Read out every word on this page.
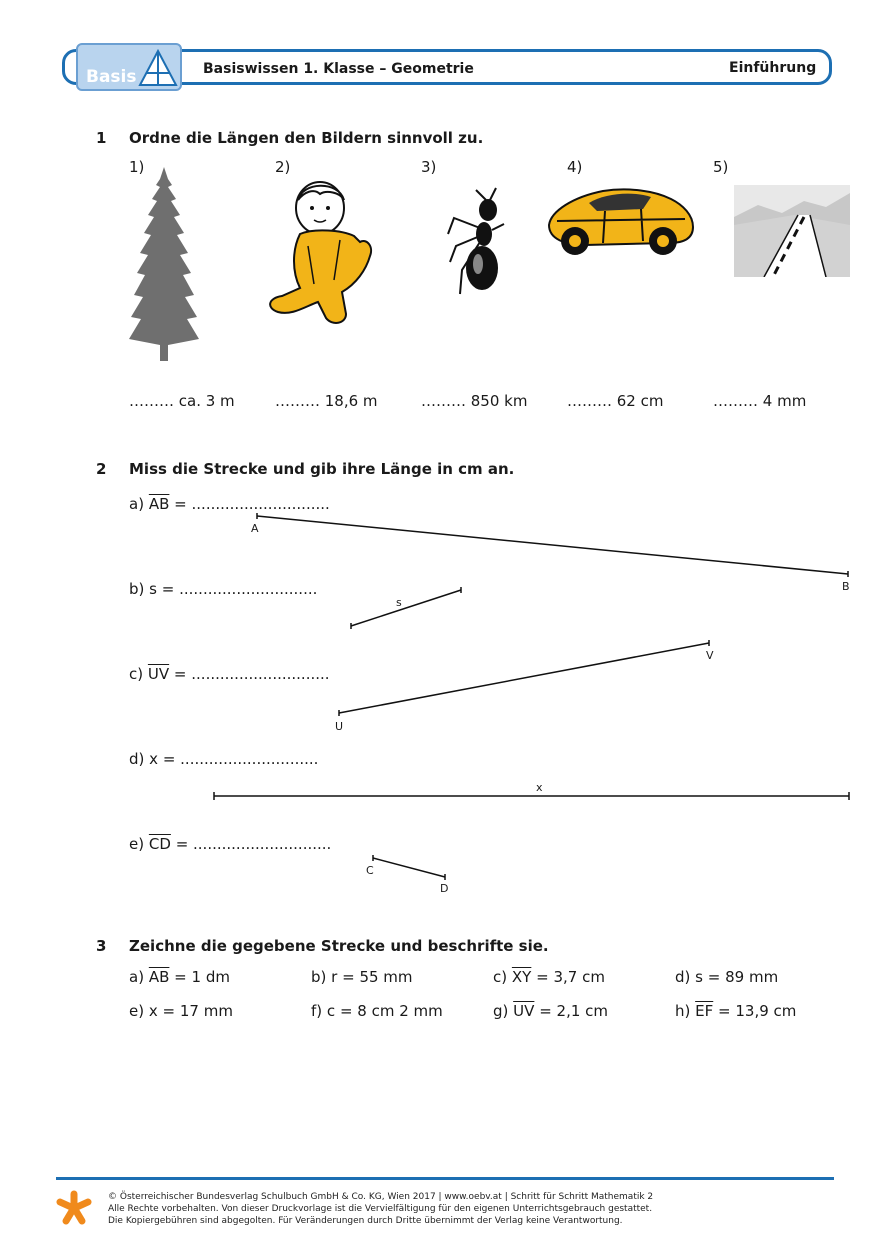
Basis	Basiswissen 1. Klasse – Geometrie	Einführung
1 Ordne die Längen den Bildern sinnvoll zu.
1)	2)	3)	4)	5)
……… ca. 3 m	……… 18,6 m	……… 850 km	……… 62 cm	……… 4 mm
2 Miss die Strecke und gib ihre Länge in cm an.
a) $\overline{AB}$ = .............................
b) s = .............................
c) $\overline{UV}$ = .............................
d) x = .............................
e) $\overline{CD}$ = .............................
A
B
s
U
V
x
C
D
3 Zeichne die gegebene Strecke und beschrifte sie.
a) $\overline{AB} = 1$ dm	b) r = 55 mm	c) $\overline{XY} = 3,7$ cm	d) s = 89 mm
e) x = 17 mm	f) c = 8 cm 2 mm	g) $\overline{UV} = 2,1$ cm	h) $\overline{EF} = 13,9$ cm
© Österreichischer Bundesverlag Schulbuch GmbH & Co. KG, Wien 2017 | www.oebv.at | Schritt für Schritt Mathematik 2
Alle Rechte vorbehalten. Von dieser Druckvorlage ist die Vervielfältigung für den eigenen Unterrichtsgebrauch gestattet.
Die Kopiergebühren sind abgegolten. Für Veränderungen durch Dritte übernimmt der Verlag keine Verantwortung.
